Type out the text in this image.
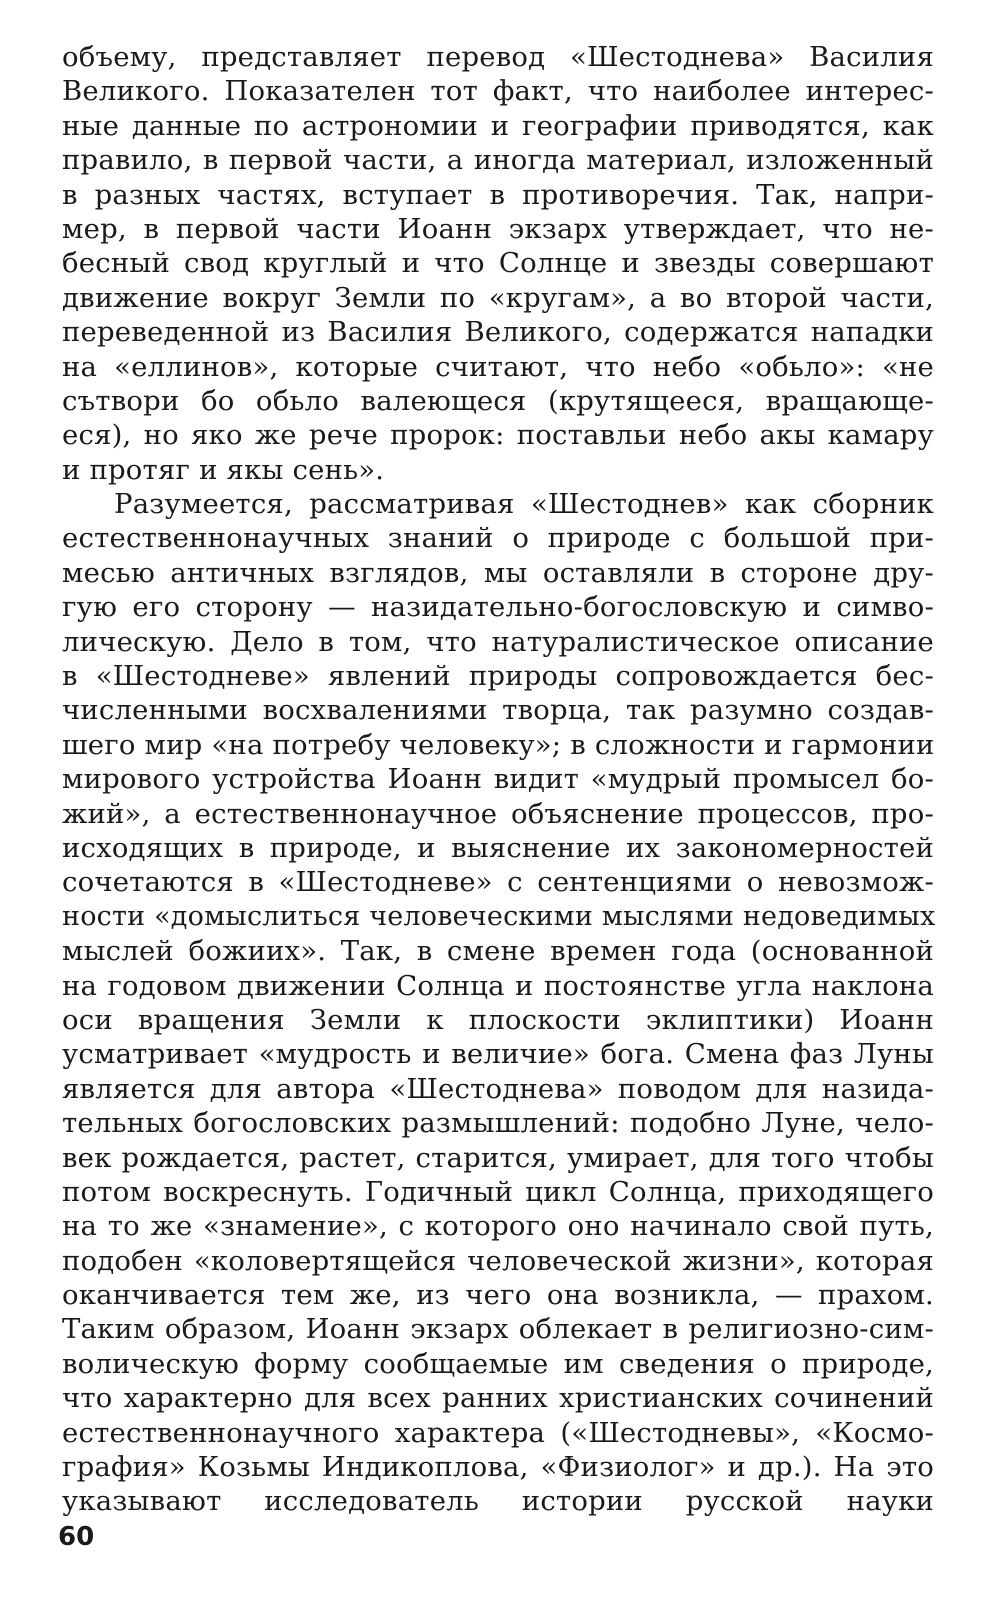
объему, представляет перевод «Шестоднева» Василия
Великого. Показателен тот факт, что наиболее интерес-
ные данные по астрономии и географии приводятся, как
правило, в первой части, а иногда материал, изложенный
в разных частях, вступает в противоречия. Так, напри-
мер, в первой части Иоанн экзарх утверждает, что не-
бесный свод круглый и что Солнце и звезды совершают
движение вокруг Земли по «кругам», а во второй части,
переведенной из Василия Великого, содержатся нападки
на «еллинов», которые считают, что небо «обьло»: «не
сътвори бо обьло валеющеся (крутящееся, вращающе-
еся), но яко же рече пророк: поставльи небо акы камару
и протяг и якы сень».
Разумеется, рассматривая «Шестоднев» как сборник
естественнонаучных знаний о природе с большой при-
месью античных взглядов, мы оставляли в стороне дру-
гую его сторону — назидательно-богословскую и симво-
лическую. Дело в том, что натуралистическое описание
в «Шестодневе» явлений природы сопровождается бес-
численными восхвалениями творца, так разумно создав-
шего мир «на потребу человеку»; в сложности и гармонии
мирового устройства Иоанн видит «мудрый промысел бо-
жий», а естественнонаучное объяснение процессов, про-
исходящих в природе, и выяснение их закономерностей
сочетаются в «Шестодневе» с сентенциями о невозмож-
ности «домыслиться человеческими мыслями недоведимых
мыслей божиих». Так, в смене времен года (основанной
на годовом движении Солнца и постоянстве угла наклона
оси вращения Земли к плоскости эклиптики) Иоанн
усматривает «мудрость и величие» бога. Смена фаз Луны
является для автора «Шестоднева» поводом для назида-
тельных богословских размышлений: подобно Луне, чело-
век рождается, растет, старится, умирает, для того чтобы
потом воскреснуть. Годичный цикл Солнца, приходящего
на то же «знамение», с которого оно начинало свой путь,
подобен «коловертящейся человеческой жизни», которая
оканчивается тем же, из чего она возникла, — прахом.
Таким образом, Иоанн экзарх облекает в религиозно-сим-
волическую форму сообщаемые им сведения о природе,
что характерно для всех ранних христианских сочинений
естественнонаучного характера («Шестодневы», «Космо-
графия» Козьмы Индикоплова, «Физиолог» и др.). На это
указывают исследователь истории русской науки
60
